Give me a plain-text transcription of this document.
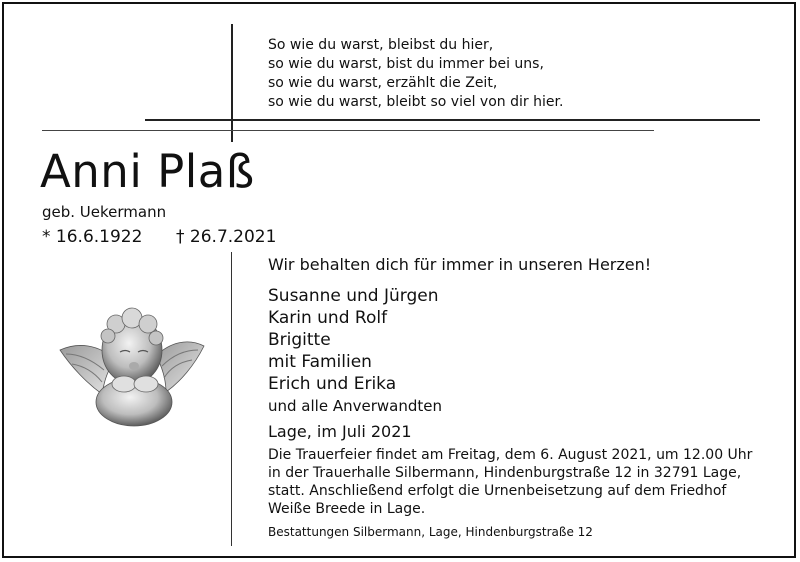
So wie du warst, bleibst du hier,
so wie du warst, bist du immer bei uns,
so wie du warst, erzählt die Zeit,
so wie du warst, bleibt so viel von dir hier.
Anni Plaß
geb. Uekermann
* 16.6.1922 † 26.7.2021
Wir behalten dich für immer in unseren Herzen!
Susanne und Jürgen
Karin und Rolf
Brigitte
mit Familien
Erich und Erika
und alle Anverwandten
Lage, im Juli 2021
Die Trauerfeier findet am Freitag, dem 6. August 2021, um 12.00 Uhr
in der Trauerhalle Silbermann, Hindenburgstraße 12 in 32791 Lage,
statt. Anschließend erfolgt die Urnenbeisetzung auf dem Friedhof
Weiße Breede in Lage.
Bestattungen Silbermann, Lage, Hindenburgstraße 12
